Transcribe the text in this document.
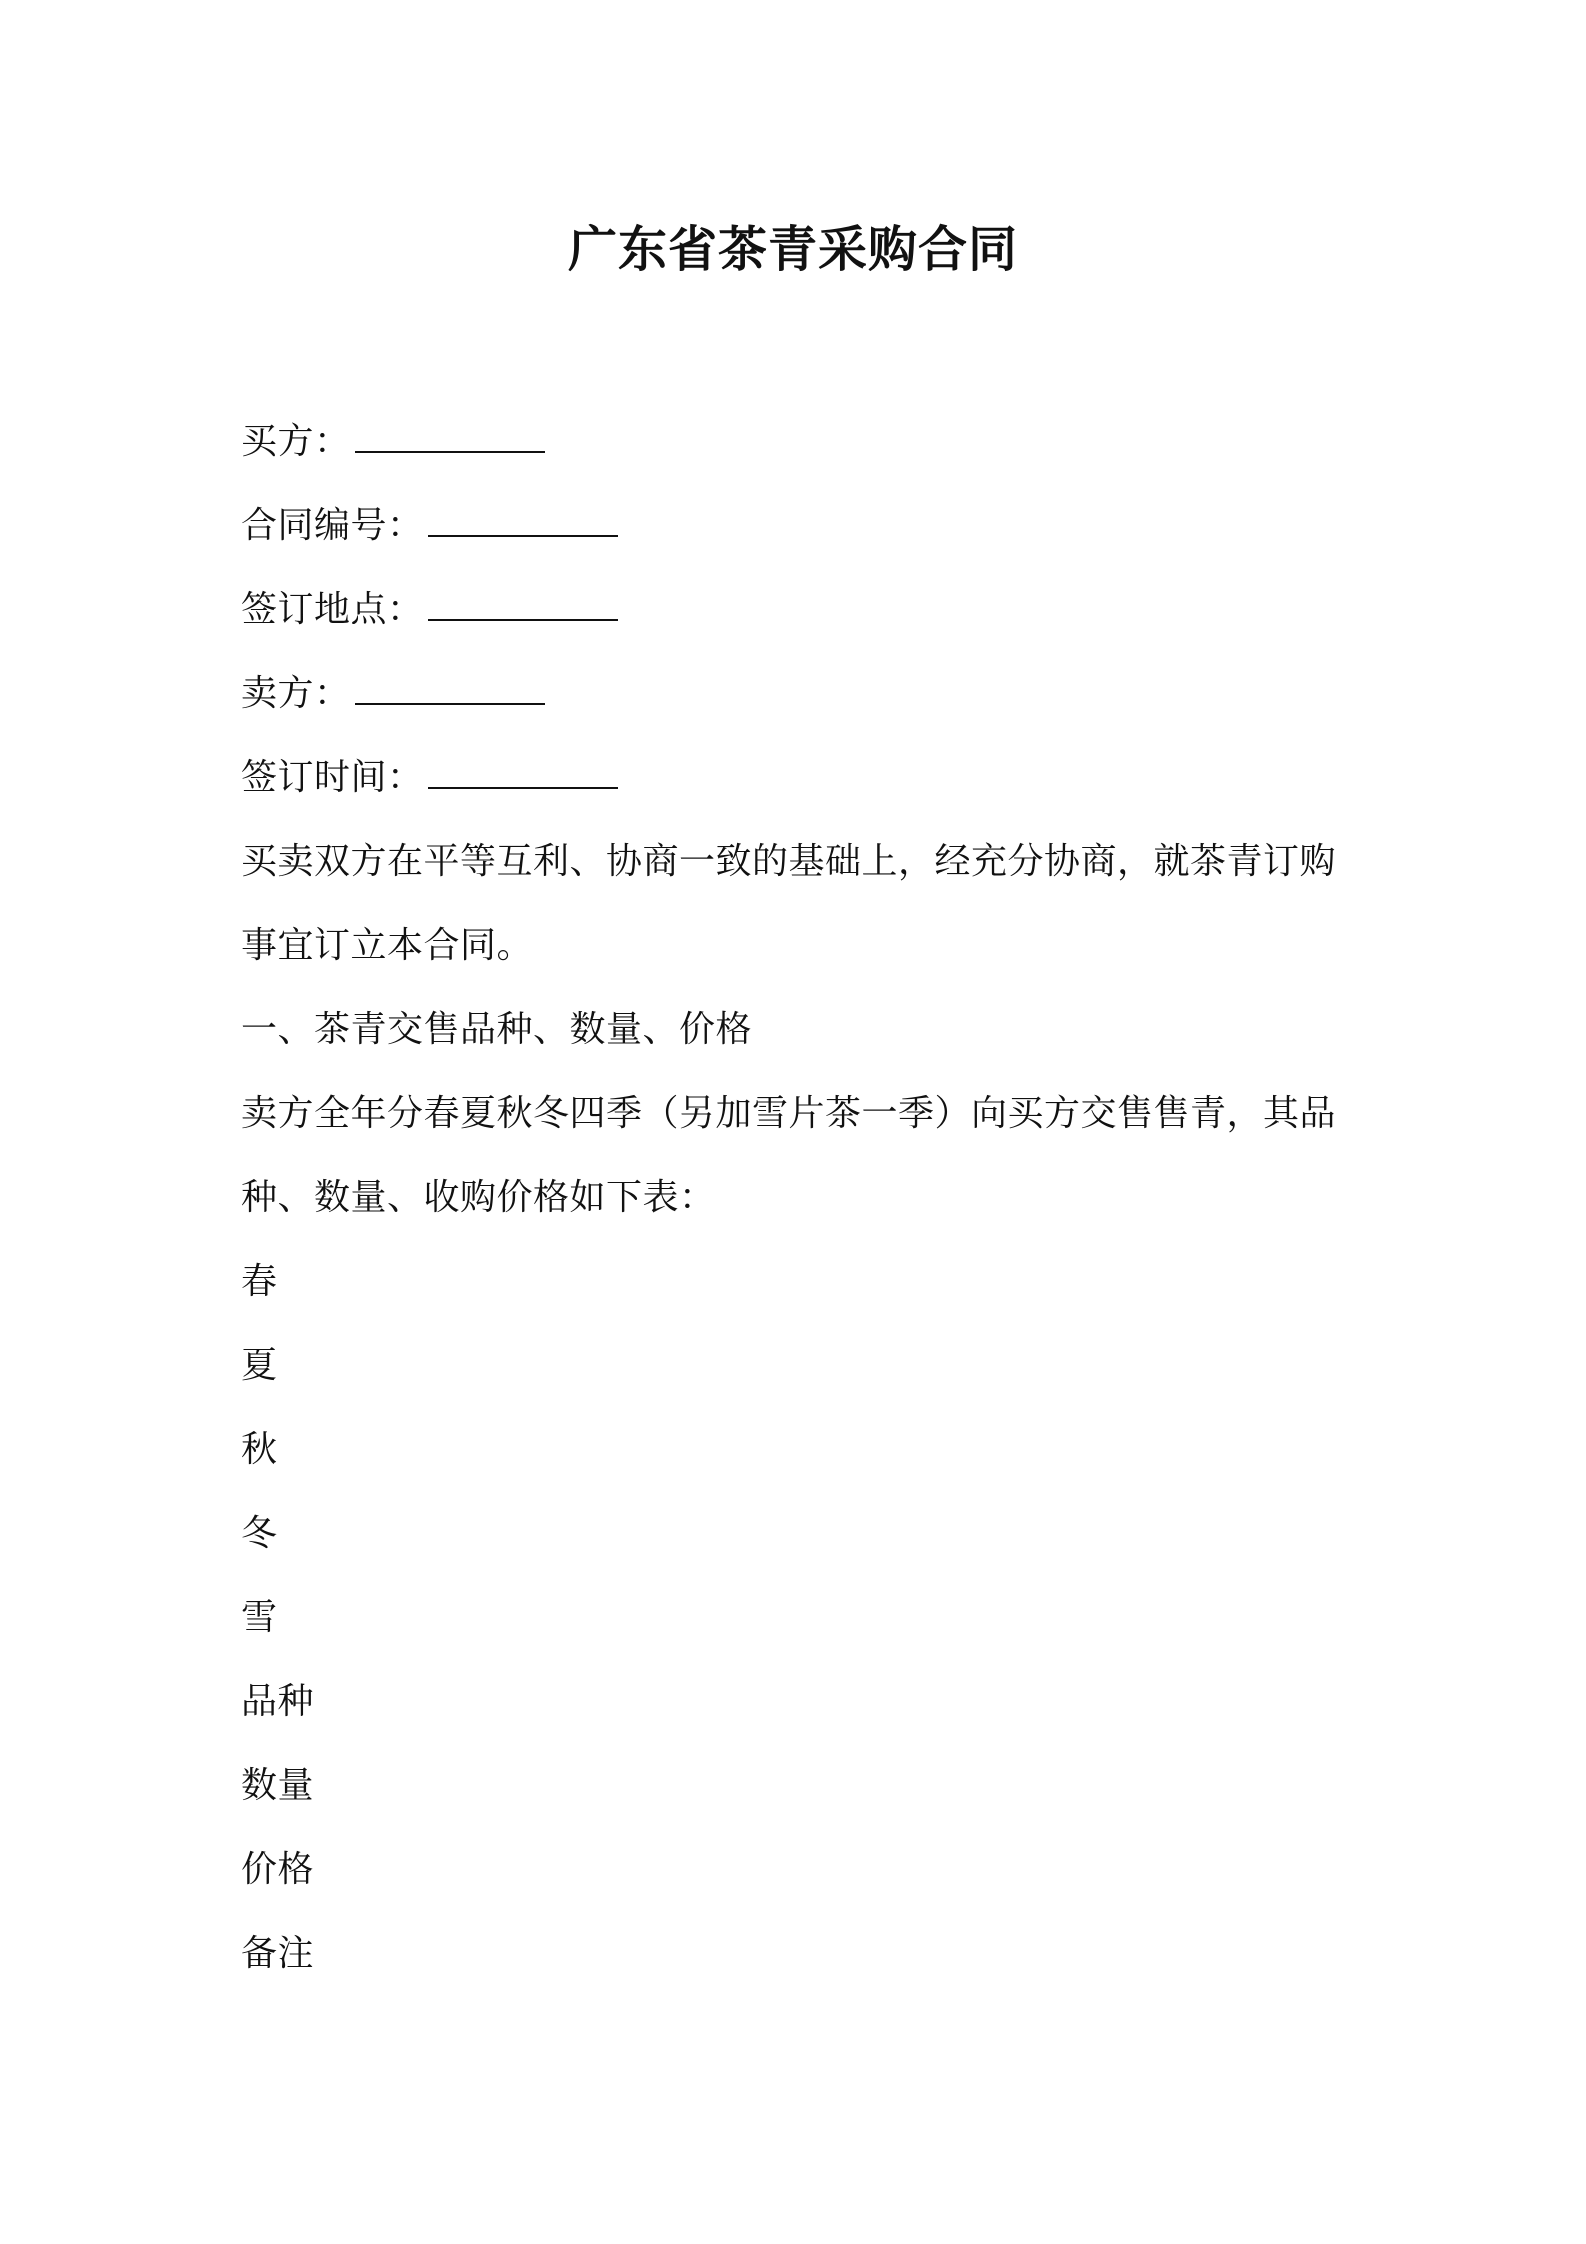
广东省茶青采购合同
买方：
合同编号：
签订地点：
卖方：
签订时间：
买卖双方在平等互利、协商一致的基础上，经充分协商，就茶青订购
事宜订立本合同。
一、茶青交售品种、数量、价格
卖方全年分春夏秋冬四季（另加雪片茶一季）向买方交售售青，其品
种、数量、收购价格如下表：
春
夏
秋
冬
雪
品种
数量
价格
备注
